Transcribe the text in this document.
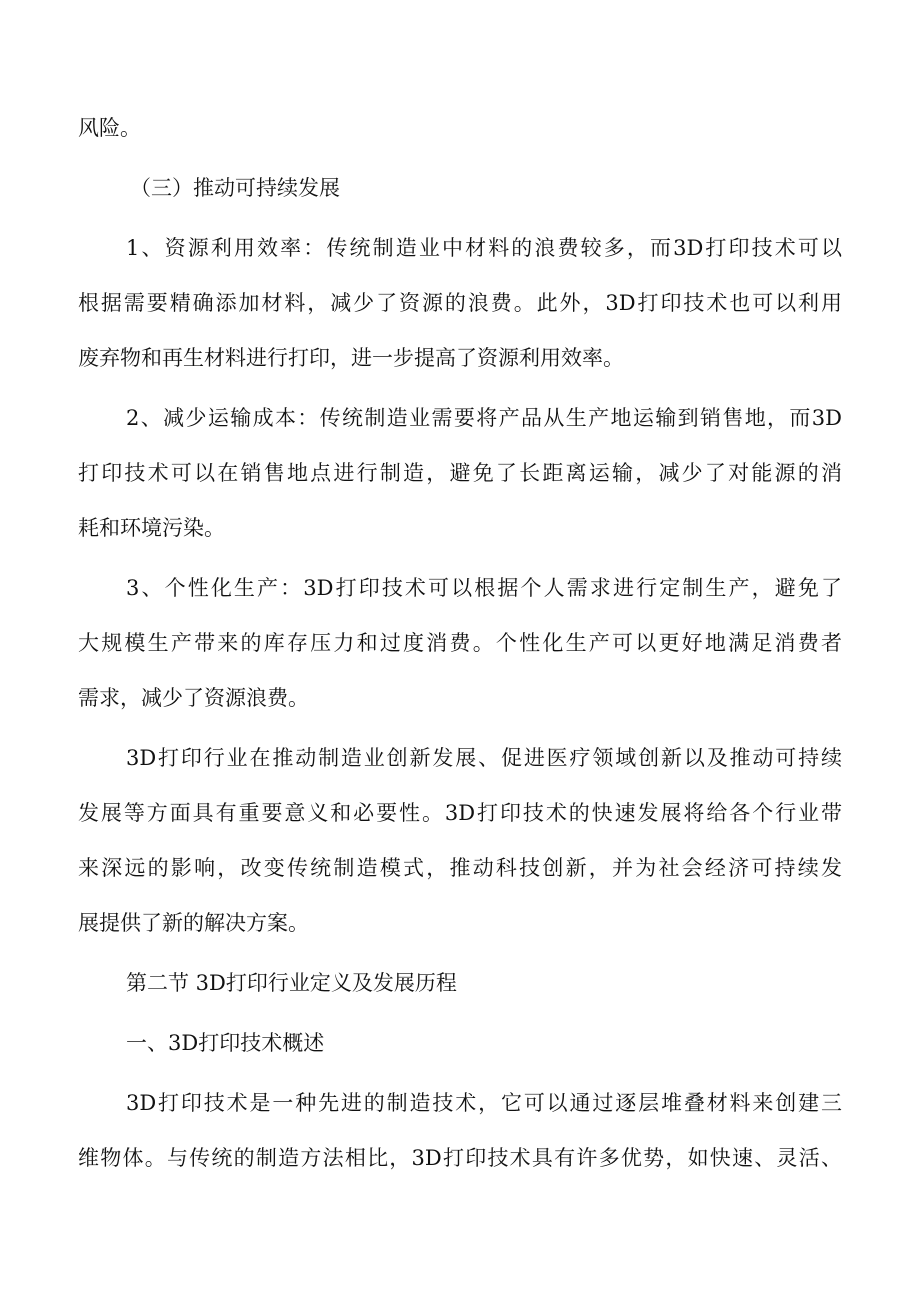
风险。
（三）推动可持续发展
1、资源利用效率：传统制造业中材料的浪费较多，而3D打印技术可以
根据需要精确添加材料，减少了资源的浪费。此外，3D打印技术也可以利用
废弃物和再生材料进行打印，进一步提高了资源利用效率。
2、减少运输成本：传统制造业需要将产品从生产地运输到销售地，而3D
打印技术可以在销售地点进行制造，避免了长距离运输，减少了对能源的消
耗和环境污染。
3、个性化生产：3D打印技术可以根据个人需求进行定制生产，避免了
大规模生产带来的库存压力和过度消费。个性化生产可以更好地满足消费者
需求，减少了资源浪费。
3D打印行业在推动制造业创新发展、促进医疗领域创新以及推动可持续
发展等方面具有重要意义和必要性。3D打印技术的快速发展将给各个行业带
来深远的影响，改变传统制造模式，推动科技创新，并为社会经济可持续发
展提供了新的解决方案。
第二节 3D打印行业定义及发展历程
一、3D打印技术概述
3D打印技术是一种先进的制造技术，它可以通过逐层堆叠材料来创建三
维物体。与传统的制造方法相比，3D打印技术具有许多优势，如快速、灵活、
